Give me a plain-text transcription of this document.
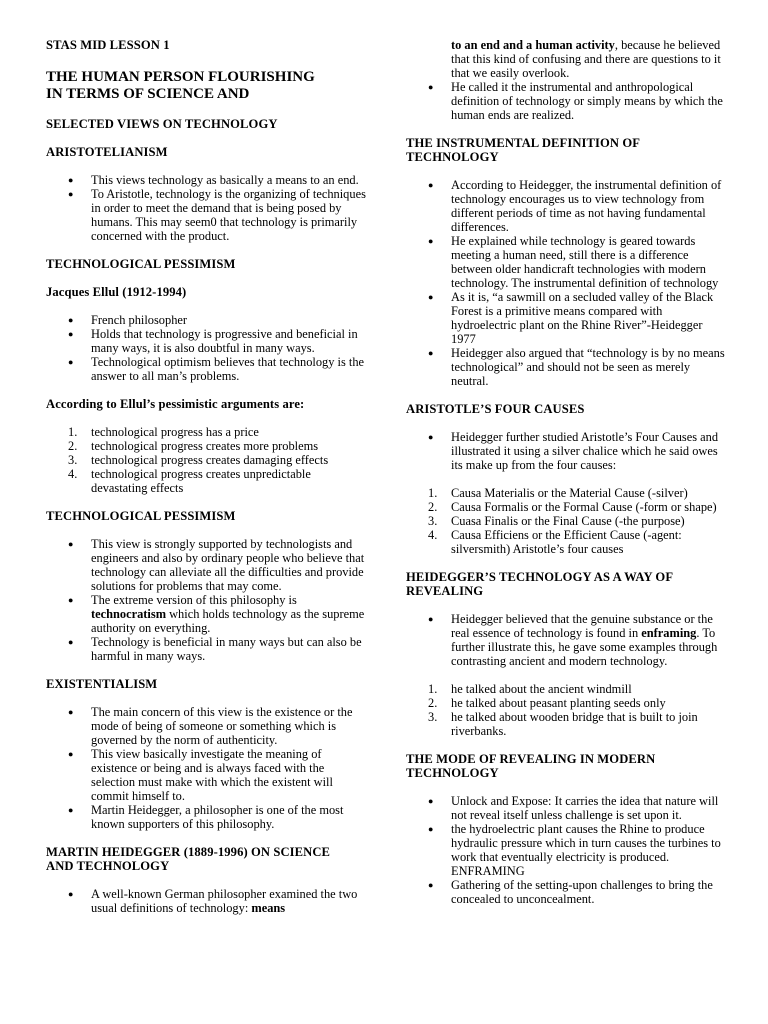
STAS MID LESSON 1

THE HUMAN PERSON FLOURISHING

IN TERMS OF SCIENCE AND

SELECTED VIEWS ON TECHNOLOGY

ARISTOTELIANISM

● This views technology as basically a means to an end.
● To Aristotle, technology is the organizing of techniques in order to meet the demand that is being posed by humans. This may seem0 that technology is primarily concerned with the product.

TECHNOLOGICAL PESSIMISM

Jacques Ellul (1912-1994)

● French philosopher
● Holds that technology is progressive and beneficial in many ways, it is also doubtful in many ways.
● Technological optimism believes that technology is the answer to all man’s problems.

According to Ellul’s pessimistic arguments are:

1. technological progress has a price
2. technological progress creates more problems
3. technological progress creates damaging effects
4. technological progress creates unpredictable devastating effects

TECHNOLOGICAL PESSIMISM

● This view is strongly supported by technologists and engineers and also by ordinary people who believe that technology can alleviate all the difficulties and provide solutions for problems that may come.
● The extreme version of this philosophy is technocratism which holds technology as the supreme authority on everything.
● Technology is beneficial in many ways but can also be harmful in many ways.

EXISTENTIALISM

● The main concern of this view is the existence or the mode of being of someone or something which is governed by the norm of authenticity.
● This view basically investigate the meaning of existence or being and is always faced with the selection must make with which the existent will commit himself to.
● Martin Heidegger, a philosopher is one of the most known supporters of this philosophy.

MARTIN HEIDEGGER (1889-1996) ON SCIENCE

AND TECHNOLOGY

● A well-known German philosopher examined the two usual definitions of technology: means
to an end and a human activity, because he believed that this kind of confusing and there are questions to it that we easily overlook.
● He called it the instrumental and anthropological definition of technology or simply means by which the human ends are realized.

THE INSTRUMENTAL DEFINITION OF

TECHNOLOGY

● According to Heidegger, the instrumental definition of technology encourages us to view technology from different periods of time as not having fundamental differences.
● He explained while technology is geared towards meeting a human need, still there is a difference between older handicraft technologies with modern technology. The instrumental definition of technology
● As it is, “a sawmill on a secluded valley of the Black Forest is a primitive means compared with hydroelectric plant on the Rhine River”-Heidegger 1977
● Heidegger also argued that “technology is by no means technological” and should not be seen as merely neutral.

ARISTOTLE’S FOUR CAUSES

● Heidegger further studied Aristotle’s Four Causes and illustrated it using a silver chalice which he said owes its make up from the four causes:
1. Causa Materialis or the Material Cause (-silver)
2. Causa Formalis or the Formal Cause (-form or shape)
3. Cuasa Finalis or the Final Cause (-the purpose)
4. Causa Efficiens or the Efficient Cause (-agent: silversmith) Aristotle’s four causes

HEIDEGGER’S TECHNOLOGY AS A WAY OF

REVEALING

● Heidegger believed that the genuine substance or the real essence of technology is found in enframing. To further illustrate this, he gave some examples through contrasting ancient and modern technology.
1. he talked about the ancient windmill
2. he talked about peasant planting seeds only
3. he talked about wooden bridge that is built to join riverbanks.

THE MODE OF REVEALING IN MODERN

TECHNOLOGY

● Unlock and Expose: It carries the idea that nature will not reveal itself unless challenge is set upon it.
● the hydroelectric plant causes the Rhine to produce hydraulic pressure which in turn causes the turbines to work that eventually electricity is produced. ENFRAMING
● Gathering of the setting-upon challenges to bring the concealed to unconcealment.
